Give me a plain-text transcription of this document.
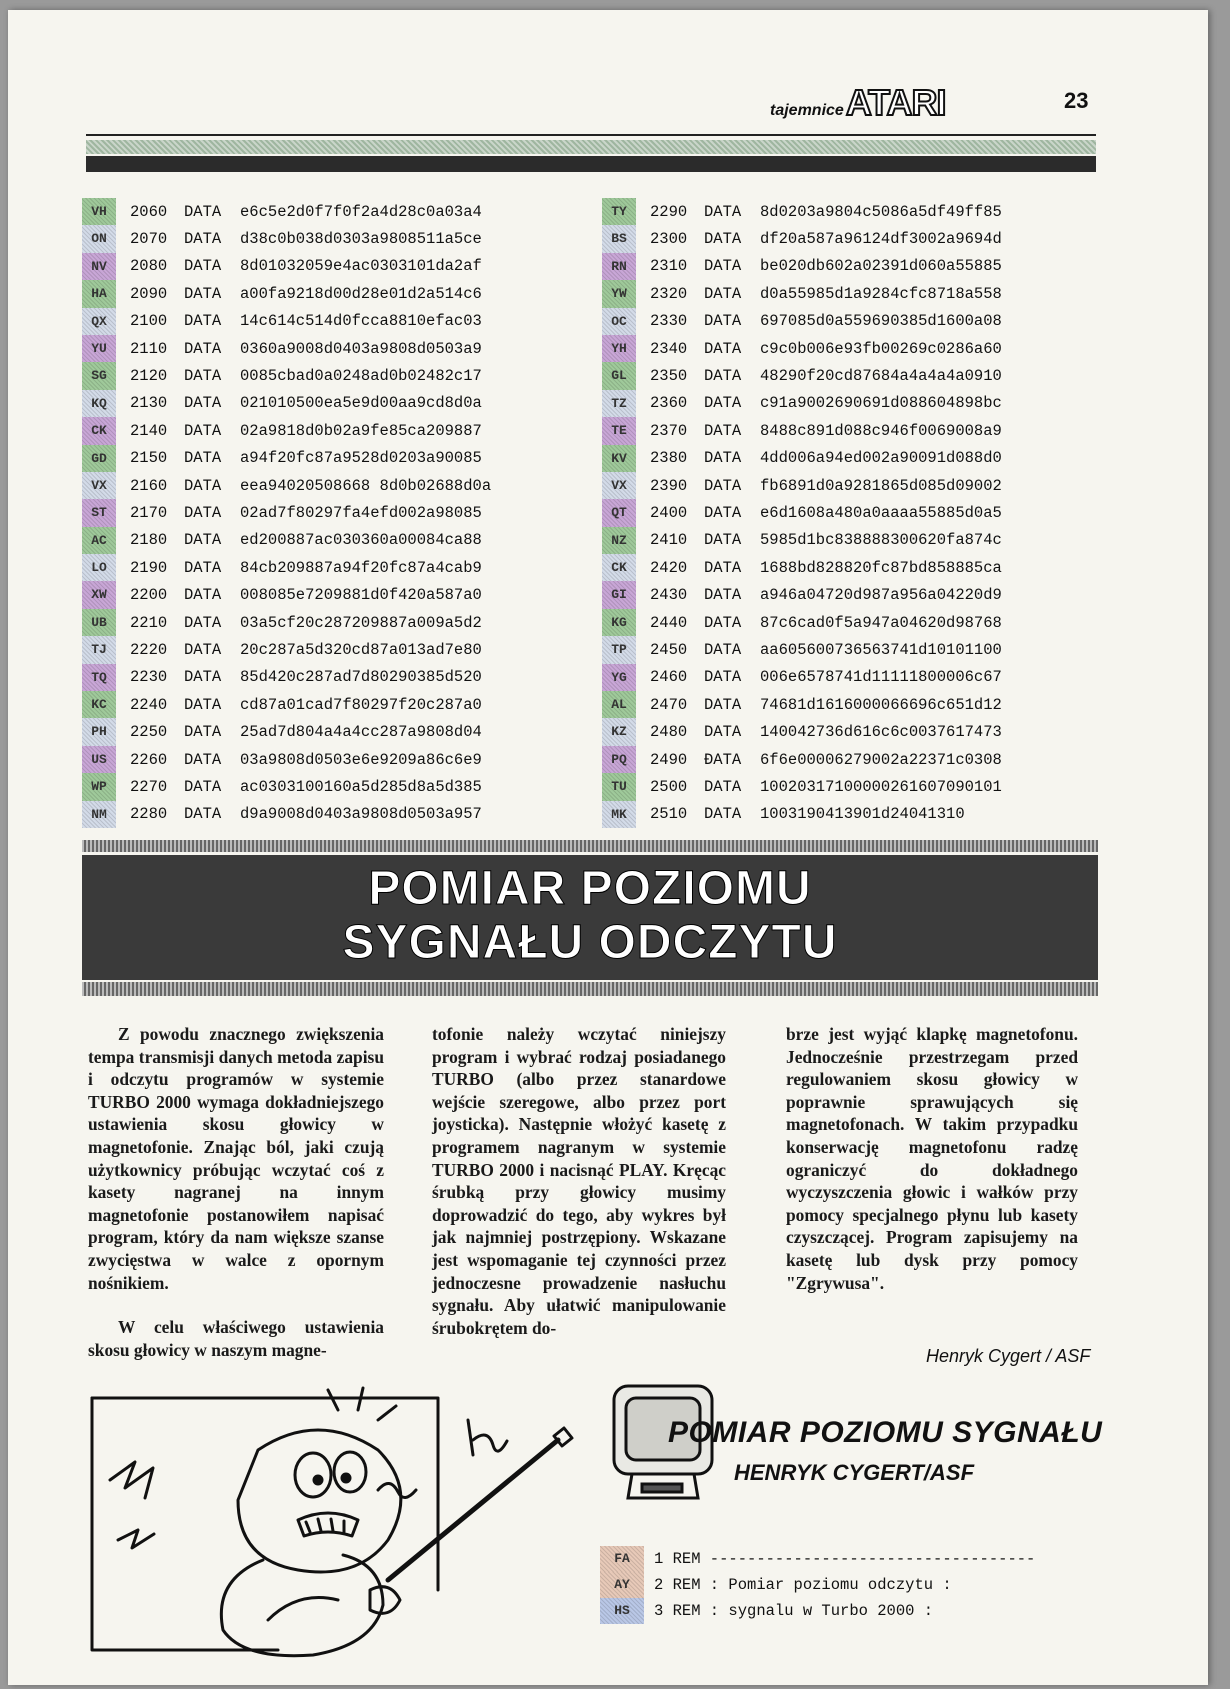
tajemnice ATARI	23
VH	2060	DATA	e6c5e2d0f7f0f2a4d28c0a03a4
ON	2070	DATA	d38c0b038d0303a9808511a5ce
NV	2080	DATA	8d01032059e4ac0303101da2af
HA	2090	DATA	a00fa9218d00d28e01d2a514c6
QX	2100	DATA	14c614c514d0fcca8810efac03
YU	2110	DATA	0360a9008d0403a9808d0503a9
SG	2120	DATA	0085cbad0a0248ad0b02482c17
KQ	2130	DATA	021010500ea5e9d00aa9cd8d0a
CK	2140	DATA	02a9818d0b02a9fe85ca209887
GD	2150	DATA	a94f20fc87a9528d0203a90085
VX	2160	DATA	eea94020508668 8d0b02688d0a
ST	2170	DATA	02ad7f80297fa4efd002a98085
AC	2180	DATA	ed200887ac030360a00084ca88
LO	2190	DATA	84cb209887a94f20fc87a4cab9
XW	2200	DATA	008085e7209881d0f420a587a0
UB	2210	DATA	03a5cf20c287209887a009a5d2
TJ	2220	DATA	20c287a5d320cd87a013ad7e80
TQ	2230	DATA	85d420c287ad7d80290385d520
KC	2240	DATA	cd87a01cad7f80297f20c287a0
PH	2250	DATA	25ad7d804a4a4cc287a9808d04
US	2260	DATA	03a9808d0503e6e9209a86c6e9
WP	2270	DATA	ac0303100160a5d285d8a5d385
NM	2280	DATA	d9a9008d0403a9808d0503a957
TY	2290	DATA	8d0203a9804c5086a5df49ff85
BS	2300	DATA	df20a587a96124df3002a9694d
RN	2310	DATA	be020db602a02391d060a55885
YW	2320	DATA	d0a55985d1a9284cfc8718a558
OC	2330	DATA	697085d0a559690385d1600a08
YH	2340	DATA	c9c0b006e93fb00269c0286a60
GL	2350	DATA	48290f20cd87684a4a4a4a0910
TZ	2360	DATA	c91a9002690691d088604898bc
TE	2370	DATA	8488c891d088c946f0069008a9
KV	2380	DATA	4dd006a94ed002a90091d088d0
VX	2390	DATA	fb6891d0a9281865d085d09002
QT	2400	DATA	e6d1608a480a0aaaa55885d0a5
NZ	2410	DATA	5985d1bc838888300620fa874c
CK	2420	DATA	1688bd828820fc87bd858885ca
GI	2430	DATA	a946a04720d987a956a04220d9
KG	2440	DATA	87c6cad0f5a947a04620d98768
TP	2450	DATA	aa605600736563741d10101100
YG	2460	DATA	006e6578741d11111800006c67
AL	2470	DATA	74681d1616000066696c651d12
KZ	2480	DATA	140042736d616c6c0037617473
PQ	2490	ÐATA	6f6e00006279002a22371c0308
TU	2500	DATA	10020317100000261607090101
MK	2510	DATA	1003190413901d24041310
POMIAR POZIOMU
SYGNAŁU ODCZYTU

Z powodu znacznego zwiększenia tempa transmisji danych metoda zapisu i odczytu programów w systemie TURBO 2000 wymaga dokładniejszego ustawienia skosu głowicy w magnetofonie. Znając ból, jaki czują użytkownicy próbując wczytać coś z kasety nagranej na innym magnetofonie postanowiłem napisać program, który da nam większe szanse zwycięstwa w walce z opornym nośnikiem.

W celu właściwego ustawienia skosu głowicy w naszym magne-

tofonie należy wczytać niniejszy program i wybrać rodzaj posiadanego TURBO (albo przez stanardowe wejście szeregowe, albo przez port joysticka). Następnie włożyć kasetę z programem nagranym w systemie TURBO 2000 i nacisnąć PLAY. Kręcąc śrubką przy głowicy musimy doprowadzić do tego, aby wykres był jak najmniej postrzępiony. Wskazane jest wspomaganie tej czynności przez jednoczesne prowadzenie nasłuchu sygnału. Aby ułatwić manipulowanie śrubokrętem do-

brze jest wyjąć klapkę magnetofonu. Jednocześnie przestrzegam przed regulowaniem skosu głowicy w poprawnie sprawujących się magnetofonach. W takim przypadku konserwację magnetofonu radzę ograniczyć do dokładnego wyczyszczenia głowic i wałków przy pomocy specjalnego płynu lub kasety czyszczącej. Program zapisujemy na kasetę lub dysk przy pomocy "Zgrywusa".

Henryk Cygert / ASF
POMIAR POZIOMU SYGNAŁU
HENRYK CYGERT/ASF
FA	1 REM -----------------------------------
AY	2 REM : Pomiar poziomu odczytu :
HS	3 REM : sygnalu w Turbo 2000 :
